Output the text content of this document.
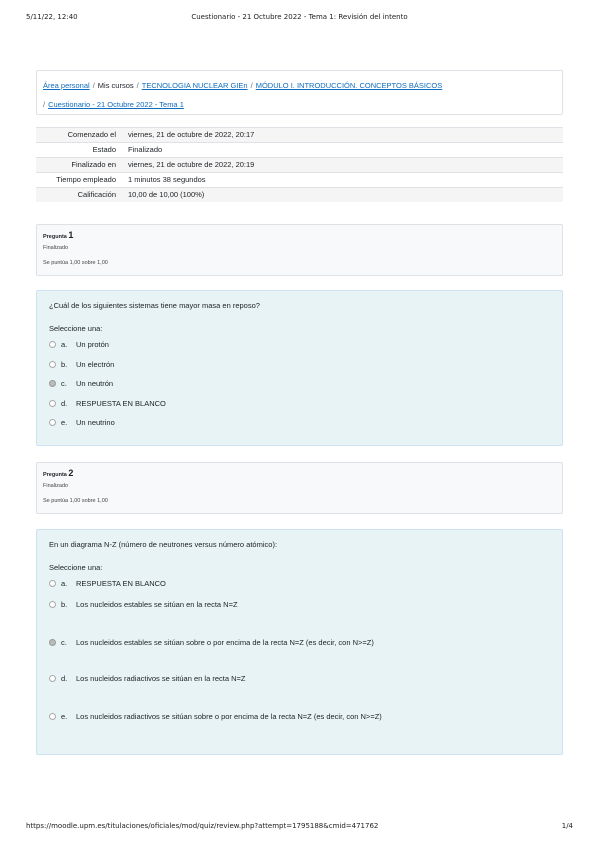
5/11/22, 12:40	Cuestionario - 21 Octubre 2022 - Tema 1: Revisión del intento
Área personal / Mis cursos / TECNOLOGIA NUCLEAR GIEn / MÓDULO I. INTRODUCCIÓN. CONCEPTOS BÁSICOS
/ Cuestionario - 21 Octubre 2022 - Tema 1
Comenzado el	viernes, 21 de octubre de 2022, 20:17
Estado	Finalizado
Finalizado en	viernes, 21 de octubre de 2022, 20:19
Tiempo empleado	1 minutos 38 segundos
Calificación	10,00 de 10,00 (100%)
Pregunta 1
Finalizado
Se puntúa 1,00 sobre 1,00
¿Cuál de los siguientes sistemas tiene mayor masa en reposo?
Seleccione una:
a.	Un protón
b.	Un electrón
c.	Un neutrón
d.	RESPUESTA EN BLANCO
e.	Un neutrino
Pregunta 2
Finalizado
Se puntúa 1,00 sobre 1,00
En un diagrama N-Z (número de neutrones versus número atómico):
Seleccione una:
a.	RESPUESTA EN BLANCO
b.	Los nucleidos estables se sitúan en la recta N=Z
c.	Los nucleidos estables se sitúan sobre o por encima de la recta N=Z (es decir, con N>=Z)
d.	Los nucleidos radiactivos se sitúan en la recta N=Z
e.	Los nucleidos radiactivos se sitúan sobre o por encima de la recta N=Z (es decir, con N>=Z)
https://moodle.upm.es/titulaciones/oficiales/mod/quiz/review.php?attempt=1795188&cmid=471762	1/4
